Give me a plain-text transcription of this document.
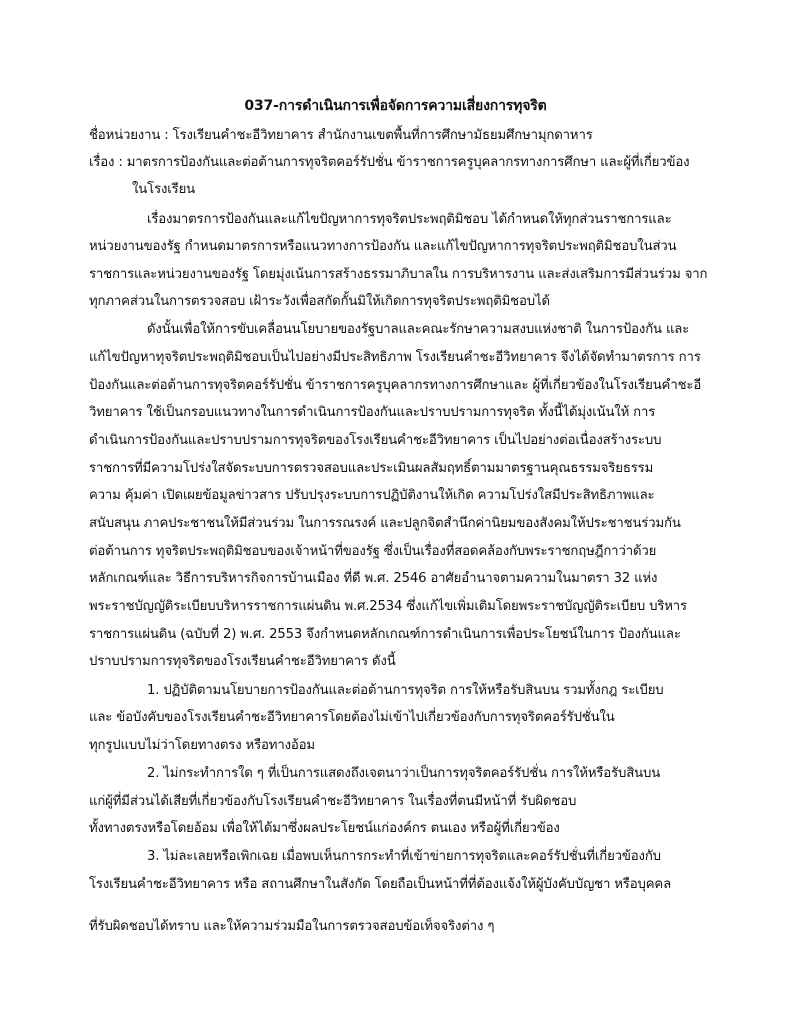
037-การดำเนินการเพื่อจัดการความเสี่ยงการทุจริต
ชื่อหน่วยงาน : โรงเรียนคำชะอีวิทยาคาร สำนักงานเขตพื้นที่การศึกษามัธยมศึกษามุกดาหาร
เรื่อง : มาตรการป้องกันและต่อต้านการทุจริตคอร์รัปชั่น ข้าราชการครูบุคลากรทางการศึกษา และผู้ที่เกี่ยวข้อง
ในโรงเรียน
เรื่องมาตรการป้องกันและแก้ไขปัญหาการทุจริตประพฤติมิชอบ ได้กำหนดให้ทุกส่วนราชการและ
หน่วยงานของรัฐ กำหนดมาตรการหรือแนวทางการป้องกัน และแก้ไขปัญหาการทุจริตประพฤติมิชอบในส่วน
ราชการและหน่วยงานของรัฐ โดยมุ่งเน้นการสร้างธรรมาภิบาลใน การบริหารงาน และส่งเสริมการมีส่วนร่วม จาก
ทุกภาคส่วนในการตรวจสอบ เฝ้าระวังเพื่อสกัดกั้นมิให้เกิดการทุจริตประพฤติมิชอบได้
ดังนั้นเพื่อให้การขับเคลื่อนนโยบายของรัฐบาลและคณะรักษาความสงบแห่งชาติ ในการป้องกัน และ
แก้ไขปัญหาทุจริตประพฤติมิชอบเป็นไปอย่างมีประสิทธิภาพ โรงเรียนคำชะอีวิทยาคาร จึงได้จัดทำมาตรการ การ
ป้องกันและต่อต้านการทุจริตคอร์รัปชั่น ข้าราชการครูบุคลากรทางการศึกษาและ ผู้ที่เกี่ยวข้องในโรงเรียนคำชะอี
วิทยาคาร ใช้เป็นกรอบแนวทางในการดำเนินการป้องกันและปราบปรามการทุจริต ทั้งนี้ได้มุ่งเน้นให้ การ
ดำเนินการป้องกันและปราบปรามการทุจริตของโรงเรียนคำชะอีวิทยาคาร เป็นไปอย่างต่อเนื่องสร้างระบบ
ราชการที่มีความโปร่งใสจัดระบบการตรวจสอบและประเมินผลสัมฤทธิ์ตามมาตรฐานคุณธรรมจริยธรรม
ความ คุ้มค่า เปิดเผยข้อมูลข่าวสาร ปรับปรุงระบบการปฏิบัติงานให้เกิด ความโปร่งใสมีประสิทธิภาพและ
สนับสนุน ภาคประชาชนให้มีส่วนร่วม ในการรณรงค์ และปลูกจิตสำนึกค่านิยมของสังคมให้ประชาชนร่วมกัน
ต่อต้านการ ทุจริตประพฤติมิชอบของเจ้าหน้าที่ของรัฐ ซึ่งเป็นเรื่องที่สอดคล้องกับพระราชกฤษฎีกาว่าด้วย
หลักเกณฑ์และ วิธีการบริหารกิจการบ้านเมือง ที่ดี พ.ศ. 2546 อาศัยอำนาจตามความในมาตรา 32 แห่ง
พระราชบัญญัติระเบียบบริหารราชการแผ่นดิน พ.ศ.2534 ซึ่งแก้ไขเพิ่มเติมโดยพระราชบัญญัติระเบียบ บริหาร
ราชการแผ่นดิน (ฉบับที่ 2) พ.ศ. 2553 จึงกำหนดหลักเกณฑ์การดำเนินการเพื่อประโยชน์ในการ ป้องกันและ
ปราบปรามการทุจริตของโรงเรียนคำชะอีวิทยาคาร ดังนี้
1. ปฏิบัติตามนโยบายการป้องกันและต่อต้านการทุจริต การให้หรือรับสินบน รวมทั้งกฎ ระเบียบ
และ ข้อบังคับของโรงเรียนคำชะอีวิทยาคารโดยต้องไม่เข้าไปเกี่ยวข้องกับการทุจริตคอร์รัปชั่นใน
ทุกรูปแบบไม่ว่าโดยทางตรง หรือทางอ้อม
2. ไม่กระทำการใด ๆ ที่เป็นการแสดงถึงเจตนาว่าเป็นการทุจริตคอร์รัปชั่น การให้หรือรับสินบน
แก่ผู้ที่มีส่วนได้เสียที่เกี่ยวข้องกับโรงเรียนคำชะอีวิทยาคาร ในเรื่องที่ตนมีหน้าที่ รับผิดชอบ
ทั้งทางตรงหรือโดยอ้อม เพื่อให้ได้มาซึ่งผลประโยชน์แก่องค์กร ตนเอง หรือผู้ที่เกี่ยวข้อง
3. ไม่ละเลยหรือเพิกเฉย เมื่อพบเห็นการกระทำที่เข้าข่ายการทุจริตและคอร์รัปชั่นที่เกี่ยวข้องกับ
โรงเรียนคำชะอีวิทยาคาร หรือ สถานศึกษาในสังกัด โดยถือเป็นหน้าที่ที่ต้องแจ้งให้ผู้บังคับบัญชา หรือบุคคล
ที่รับผิดชอบได้ทราบ และให้ความร่วมมือในการตรวจสอบข้อเท็จจริงต่าง ๆ
